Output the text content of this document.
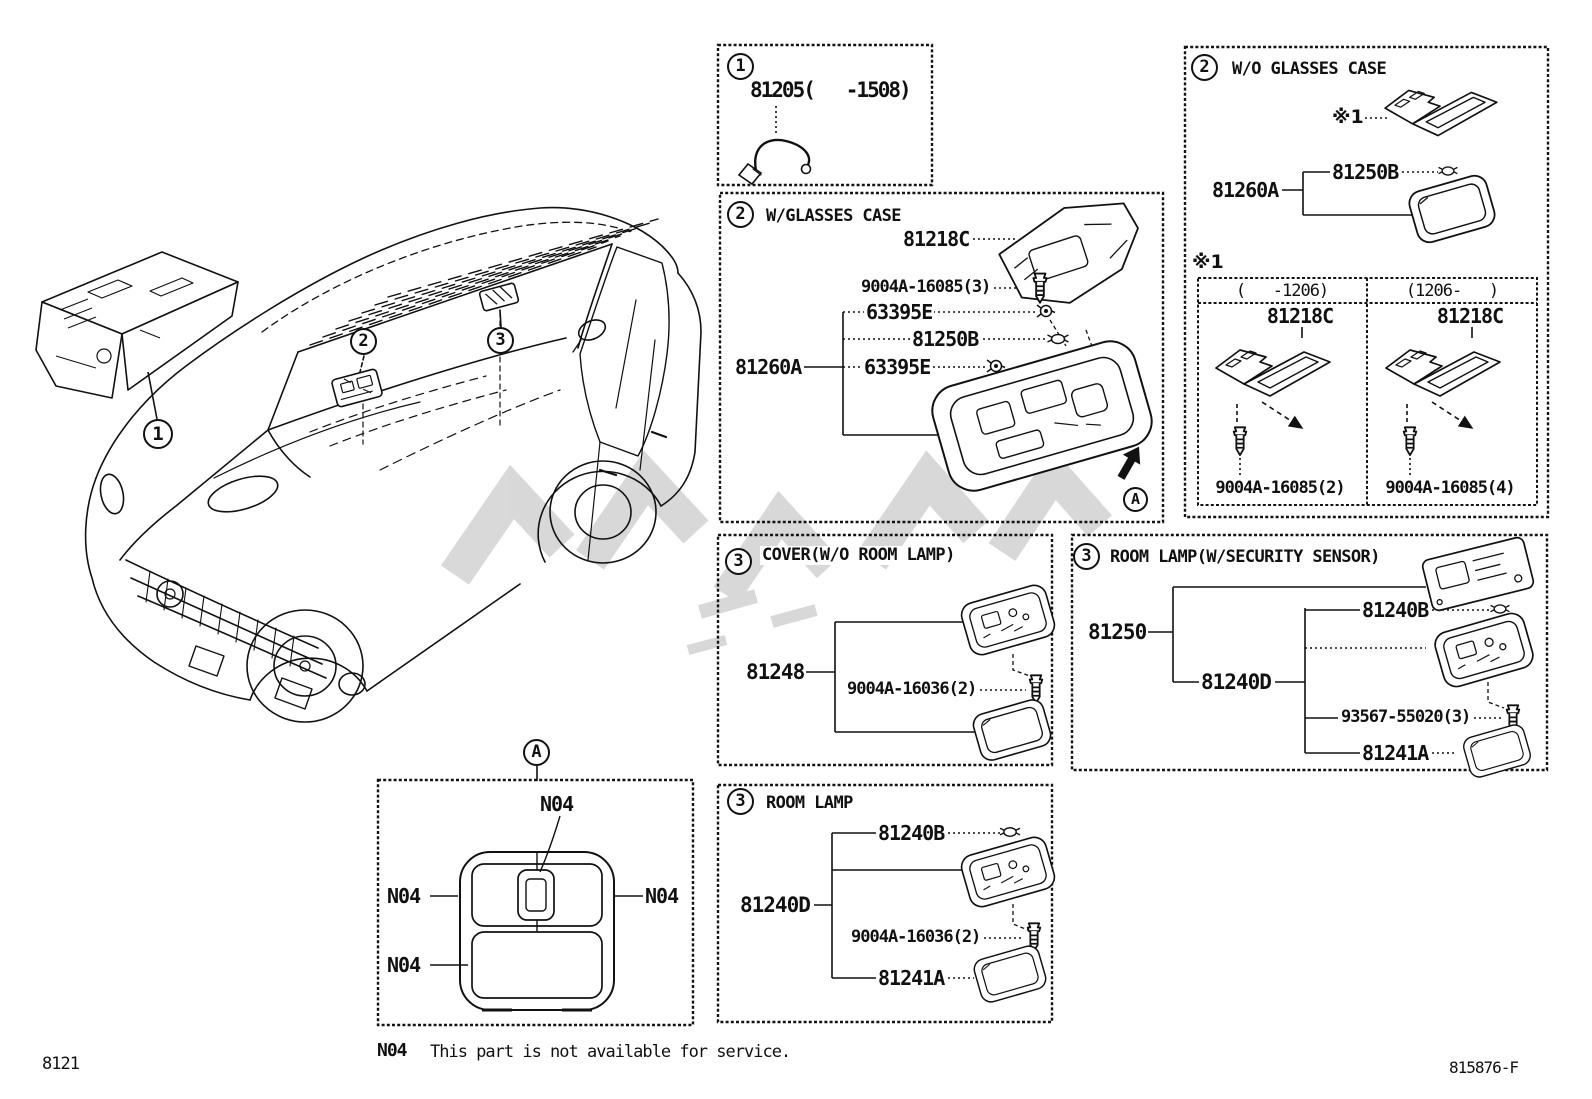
8121	815876-F
N04 This part is not available for service.
1
2	3
1
81205(   -1508)
2 W/GLASSES CASE
81218C
9004A-16085(3)
63395E
81250B
63395E
81260A
A
2 W/O GLASSES CASE
※1
81250B
81260A
※1
(   -1206)	(1206-   )
81218C	81218C
9004A-16085(2) 9004A-16085(4)
3 COVER(W/O ROOM LAMP)
81248
9004A-16036(2)
3 ROOM LAMP(W/SECURITY SENSOR)
81250
81240B
81240D
93567-55020(3)
81241A
3 ROOM LAMP
81240B
81240D
9004A-16036(2)
81241A
A
N04
N04	N04
N04
